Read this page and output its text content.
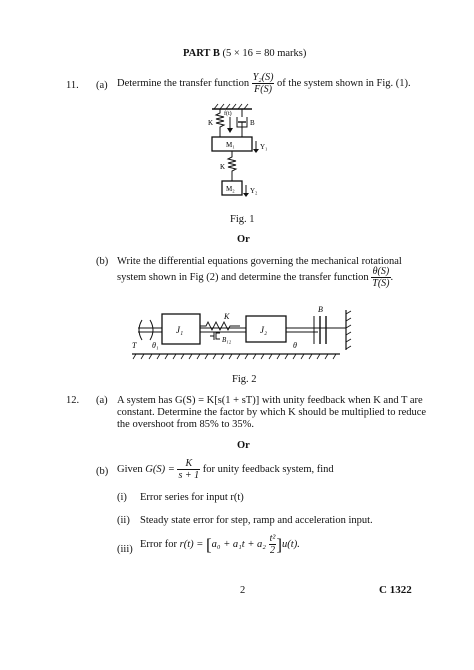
PART B (5 × 16 = 80 marks)
11. (a) Determine the transfer function $\frac{\text{Y₂(S)}}{F(S)}$ of the system shown in Fig. (1).
K
f(t)
B
M₁	Y₁
K
M₂ Y₂
Fig. 1
Or
(b) Write the differential equations governing the mechanical rotational
system shown in Fig (2) and determine the transfer function $\frac{\theta(S)}{T(S)}$ .
J₁	J₂
K
B₁₂
B
T θ₁	θ
Fig. 2
12. (a) A system has G(S) = K[s(1 + sT)] with unity feedback when K and T are
constant. Determine the factor by which K should be multiplied to reduce
the overshoot from 85% to 35%.
Or
(b) Given $G(S) = \frac{K}{s + 1}$ for unity feedback system, find
(i) Error series for input r(t)
(ii) Steady state error for step, ramp and acceleration input.
(iii) Error for $r(t) = [a_0 + a_1t + a_2 \frac{\text{t²}}{2} ]u(t)$.
2	C 1322
